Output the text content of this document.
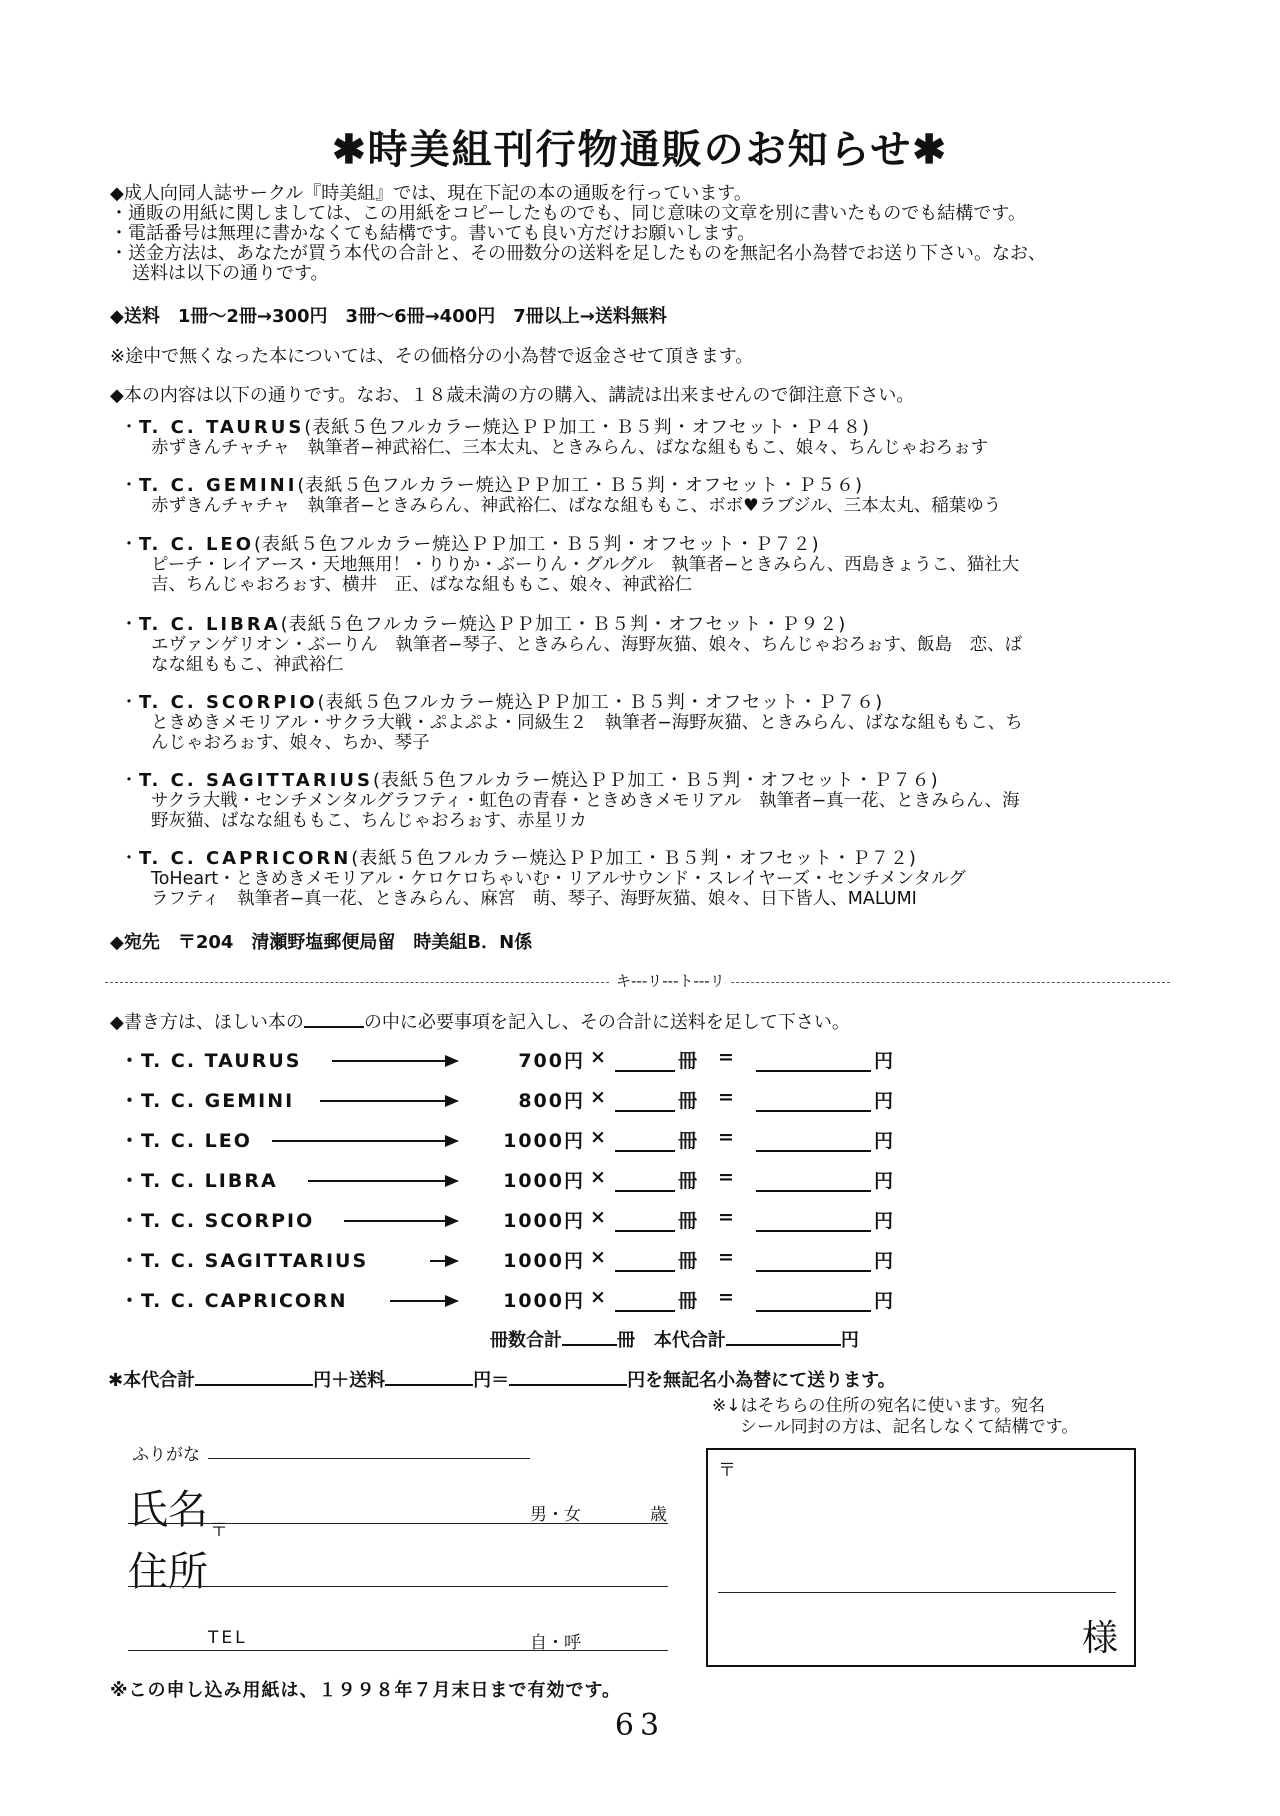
✱時美組刊行物通販のお知らせ✱
◆成人向同人誌サークル『時美組』では、現在下記の本の通販を行っています。
・通販の用紙に関しましては、この用紙をコピーしたものでも、同じ意味の文章を別に書いたものでも結構です。
・電話番号は無理に書かなくても結構です。書いても良い方だけお願いします。
・送金方法は、あなたが買う本代の合計と、その冊数分の送料を足したものを無記名小為替でお送り下さい。なお、
送料は以下の通りです。
◆送料　1冊〜2冊→300円　3冊〜6冊→400円　7冊以上→送料無料
※途中で無くなった本については、その価格分の小為替で返金させて頂きます。
◆本の内容は以下の通りです。なお、１８歳未満の方の購入、講読は出来ませんので御注意下さい。
・T. C. TAURUS(表紙５色フルカラー焼込ＰＰ加工・Ｂ５判・オフセット・Ｐ４８)
赤ずきんチャチャ　執筆者−神武裕仁、三本太丸、ときみらん、ばなな組ももこ、娘々、ちんじゃおろぉす
・T. C. GEMINI(表紙５色フルカラー焼込ＰＰ加工・Ｂ５判・オフセット・Ｐ５６)
赤ずきんチャチャ　執筆者−ときみらん、神武裕仁、ばなな組ももこ、ボボ♥ラブジル、三本太丸、稲葉ゆう
・T. C. LEO(表紙５色フルカラー焼込ＰＰ加工・Ｂ５判・オフセット・Ｐ７２)
ピーチ・レイアース・天地無用！・りりか・ぶーりん・グルグル　執筆者−ときみらん、西島きょうこ、猫社大
吉、ちんじゃおろぉす、横井　正、ばなな組ももこ、娘々、神武裕仁
・T. C. LIBRA(表紙５色フルカラー焼込ＰＰ加工・Ｂ５判・オフセット・Ｐ９２)
エヴァンゲリオン・ぶーりん　執筆者−琴子、ときみらん、海野灰猫、娘々、ちんじゃおろぉす、飯島　恋、ば
なな組ももこ、神武裕仁
・T. C. SCORPIO(表紙５色フルカラー焼込ＰＰ加工・Ｂ５判・オフセット・Ｐ７６)
ときめきメモリアル・サクラ大戦・ぷよぷよ・同級生２　執筆者−海野灰猫、ときみらん、ばなな組ももこ、ち
んじゃおろぉす、娘々、ちか、琴子
・T. C. SAGITTARIUS(表紙５色フルカラー焼込ＰＰ加工・Ｂ５判・オフセット・Ｐ７６)
サクラ大戦・センチメンタルグラフティ・虹色の青春・ときめきメモリアル　執筆者−真一花、ときみらん、海
野灰猫、ばなな組ももこ、ちんじゃおろぉす、赤星リカ
・T. C. CAPRICORN(表紙５色フルカラー焼込ＰＰ加工・Ｂ５判・オフセット・Ｐ７２)
ToHeart・ときめきメモリアル・ケロケロちゃいむ・リアルサウンド・スレイヤーズ・センチメンタルグ
ラフティ　執筆者−真一花、ときみらん、麻宮　萌、琴子、海野灰猫、娘々、日下皆人、MALUMI
◆宛先　〒204　清瀬野塩郵便局留　時美組B．N係
キ‐‐‐リ‐‐‐ト‐‐‐リ
◆書き方は、ほしい本の	の中に必要事項を記入し、その合計に送料を足して下さい。
・T. C. TAURUS	700円 ×	冊 =	円
・T. C. GEMINI	800円 ×	冊 =	円
・T. C. LEO	1000円 ×	冊 =	円
・T. C. LIBRA	1000円 ×	冊 =	円
・T. C. SCORPIO	1000円 ×	冊 =	円
・T. C. SAGITTARIUS	1000円 ×	冊 =	円
・T. C. CAPRICORN	1000円 ×	冊 =	円
冊数合計	冊 本代合計	円
✱本代合計	円＋送料	円＝	円を無記名小為替にて送ります。
※↓はそちらの住所の宛名に使います。宛名
シール同封の方は、記名しなくて結構です。
ふりがな
氏名	男・女	歳
〒
住所
TEL	自・呼
〒
様
※この申し込み用紙は、１９９８年７月末日まで有効です。
63
